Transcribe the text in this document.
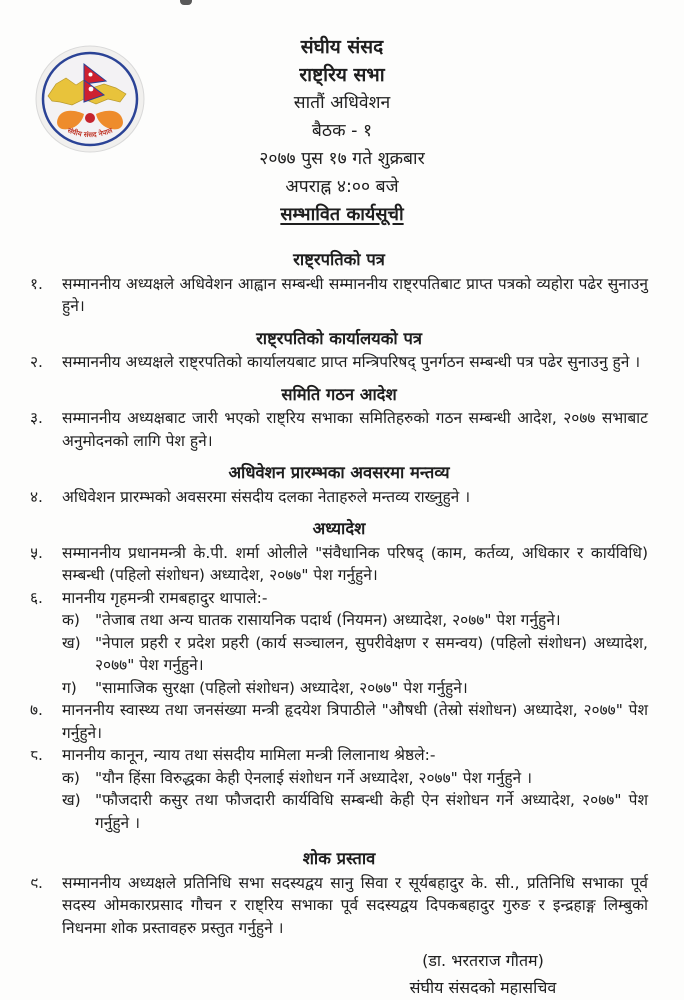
संघीय संसद नेपाल
संघीय संसद
राष्ट्रिय सभा
सातौं अधिवेशन
बैठक - १
२०७७ पुस १७ गते शुक्रबार
अपराह्न ४:०० बजे
सम्भावित कार्यसूची
राष्ट्रपतिको पत्र
१.	सम्माननीय अध्यक्षले अधिवेशन आह्वान सम्बन्धी सम्माननीय राष्ट्रपतिबाट प्राप्त पत्रको व्यहोरा पढेर सुनाउनु हुने।
राष्ट्रपतिको कार्यालयको पत्र
२.	सम्माननीय अध्यक्षले राष्ट्रपतिको कार्यालयबाट प्राप्त मन्त्रिपरिषद् पुनर्गठन सम्बन्धी पत्र पढेर सुनाउनु हुने ।
समिति गठन आदेश
३.	सम्माननीय अध्यक्षबाट जारी भएको राष्ट्रिय सभाका समितिहरुको गठन सम्बन्धी आदेश, २०७७ सभाबाट अनुमोदनको लागि पेश हुने।
अधिवेशन प्रारम्भका अवसरमा मन्तव्य
४.	अधिवेशन प्रारम्भको अवसरमा संसदीय दलका नेताहरुले मन्तव्य राख्नुहुने ।
अध्यादेश
५.	सम्माननीय प्रधानमन्त्री के.पी. शर्मा ओलीले "संवैधानिक परिषद् (काम, कर्तव्य, अधिकार र कार्यविधि) सम्बन्धी (पहिलो संशोधन) अध्यादेश, २०७७" पेश गर्नुहुने।
६.	माननीय गृहमन्त्री रामबहादुर थापाले:-
क) "तेजाब तथा अन्य घातक रासायनिक पदार्थ (नियमन) अध्यादेश, २०७७" पेश गर्नुहुने।
ख) "नेपाल प्रहरी र प्रदेश प्रहरी (कार्य सञ्चालन, सुपरीवेक्षण र समन्वय) (पहिलो संशोधन) अध्यादेश, २०७७" पेश गर्नुहुने।
ग)	"सामाजिक सुरक्षा (पहिलो संशोधन) अध्यादेश, २०७७" पेश गर्नुहुने।
७.	मानननीय स्वास्थ्य तथा जनसंख्या मन्त्री हृदयेश त्रिपाठीले "औषधी (तेस्रो संशोधन) अध्यादेश, २०७७" पेश गर्नुहुने।
८.	माननीय कानून, न्याय तथा संसदीय मामिला मन्त्री लिलानाथ श्रेष्ठले:-
क) "यौन हिंसा विरुद्धका केही ऐनलाई संशोधन गर्ने अध्यादेश, २०७७" पेश गर्नुहुने ।
ख) "फौजदारी कसुर तथा फौजदारी कार्यविधि सम्बन्धी केही ऐन संशोधन गर्ने अध्यादेश, २०७७" पेश गर्नुहुने ।
शोक प्रस्ताव
९.	सम्माननीय अध्यक्षले प्रतिनिधि सभा सदस्यद्वय सानु सिवा र सूर्यबहादुर के. सी., प्रतिनिधि सभाका पूर्व सदस्य ओमकारप्रसाद गौचन र राष्ट्रिय सभाका पूर्व सदस्यद्वय दिपकबहादुर गुरुङ र इन्द्रहाङ्ग लिम्बुको निधनमा शोक प्रस्तावहरु प्रस्तुत गर्नुहुने ।
(डा. भरतराज गौतम)
संघीय संसदको महासचिव
